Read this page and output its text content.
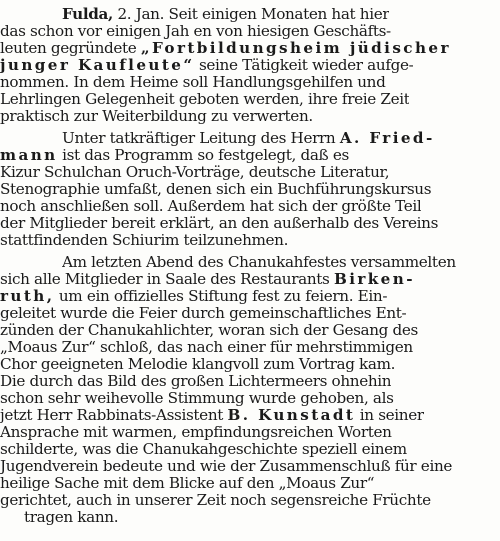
Fulda, 2. Jan. Seit einigen Monaten hat hier
das schon vor einigen Jah en von hiesigen Geschäfts-
leuten gegründete „Fortbildungsheim jüdischer
junger Kaufleute“ seine Tätigkeit wieder aufge-
nommen. In dem Heime soll Handlungsgehilfen und
Lehrlingen Gelegenheit geboten werden, ihre freie Zeit
praktisch zur Weiterbildung zu verwerten.
Unter tatkräftiger Leitung des Herrn A. Fried-
mann ist das Programm so festgelegt, daß es
Kizur Schulchan Oruch-Vorträge, deutsche Literatur,
Stenographie umfaßt, denen sich ein Buchführungskursus
noch anschließen soll. Außerdem hat sich der größte Teil
der Mitglieder bereit erklärt, an den außerhalb des Vereins
stattfindenden Schiurim teilzunehmen.
Am letzten Abend des Chanukahfestes versammelten
sich alle Mitglieder in Saale des Restaurants Birken-
ruth, um ein offizielles Stiftung fest zu feiern. Ein-
geleitet wurde die Feier durch gemeinschaftliches Ent-
zünden der Chanukahlichter, woran sich der Gesang des
„Moaus Zur“ schloß, das nach einer für mehrstimmigen
Chor geeigneten Melodie klangvoll zum Vortrag kam.
Die durch das Bild des großen Lichtermeers ohnehin
schon sehr weihevolle Stimmung wurde gehoben, als
jetzt Herr Rabbinats-Assistent B. Kunstadt in seiner
Ansprache mit warmen, empfindungsreichen Worten
schilderte, was die Chanukahgeschichte speziell einem
Jugendverein bedeute und wie der Zusammenschluß für eine
heilige Sache mit dem Blicke auf den „Moaus Zur“
gerichtet, auch in unserer Zeit noch segensreiche Früchte
tragen kann.
